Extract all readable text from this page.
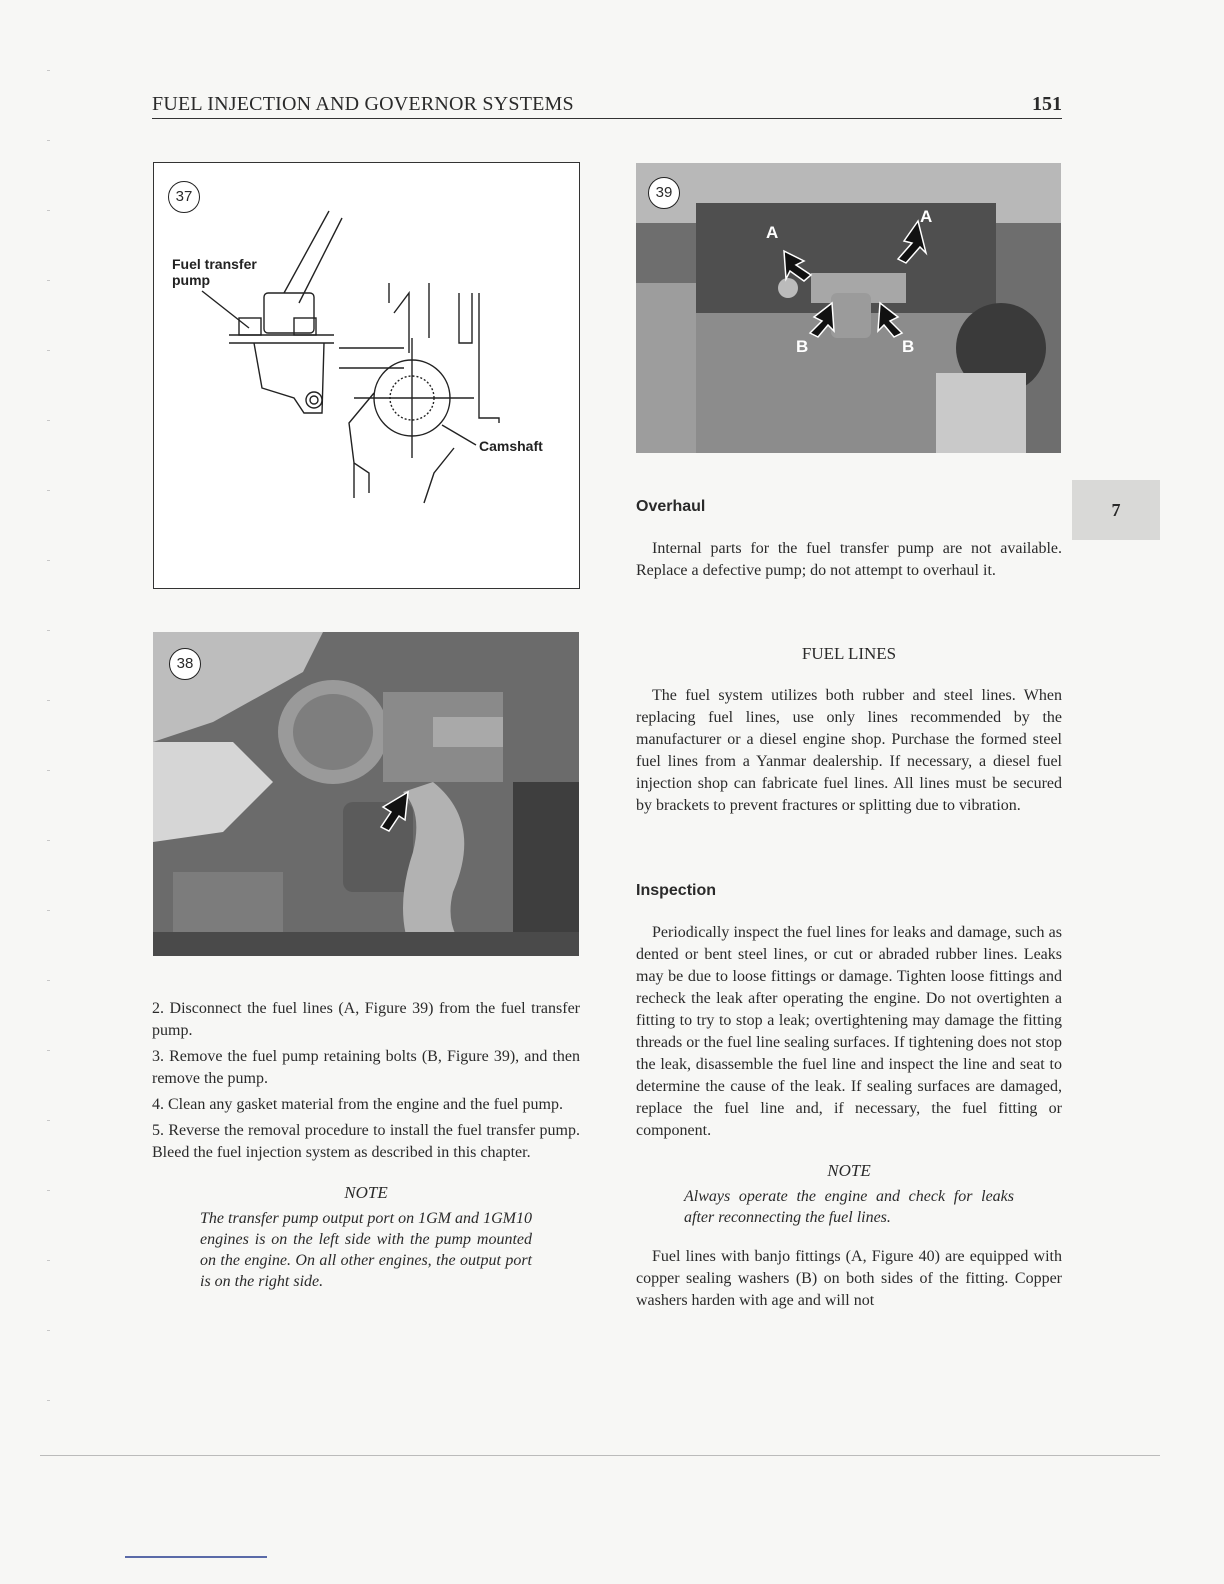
FUEL INJECTION AND GOVERNOR SYSTEMS	151
37
Fuel transfer pump
Camshaft
38
39
A
A
B	B
7

2. Disconnect the fuel lines (A, Figure 39) from the fuel transfer pump.

3. Remove the fuel pump retaining bolts (B, Figure 39), and then remove the pump.

4. Clean any gasket material from the engine and the fuel pump.

5. Reverse the removal procedure to install the fuel transfer pump. Bleed the fuel injection system as described in this chapter.

NOTE
The transfer pump output port on 1GM and 1GM10 engines is on the left side with the pump mounted on the engine. On all other engines, the output port is on the right side.
Overhaul

Internal parts for the fuel transfer pump are not available. Replace a defective pump; do not attempt to overhaul it.

FUEL LINES

The fuel system utilizes both rubber and steel lines. When replacing fuel lines, use only lines recommended by the manufacturer or a diesel engine shop. Purchase the formed steel fuel lines from a Yanmar dealership. If necessary, a diesel fuel injection shop can fabricate fuel lines. All lines must be secured by brackets to prevent fractures or splitting due to vibration.

Inspection

Periodically inspect the fuel lines for leaks and damage, such as dented or bent steel lines, or cut or abraded rubber lines. Leaks may be due to loose fittings or damage. Tighten loose fittings and recheck the leak after operating the engine. Do not overtighten a fitting to try to stop a leak; overtightening may damage the fitting threads or the fuel line sealing surfaces. If tightening does not stop the leak, disassemble the fuel line and inspect the line and seat to determine the cause of the leak. If sealing surfaces are damaged, replace the fuel line and, if necessary, the fuel fitting or component.

NOTE
Always operate the engine and check for leaks after reconnecting the fuel lines.

Fuel lines with banjo fittings (A, Figure 40) are equipped with copper sealing washers (B) on both sides of the fitting. Copper washers harden with age and will not
